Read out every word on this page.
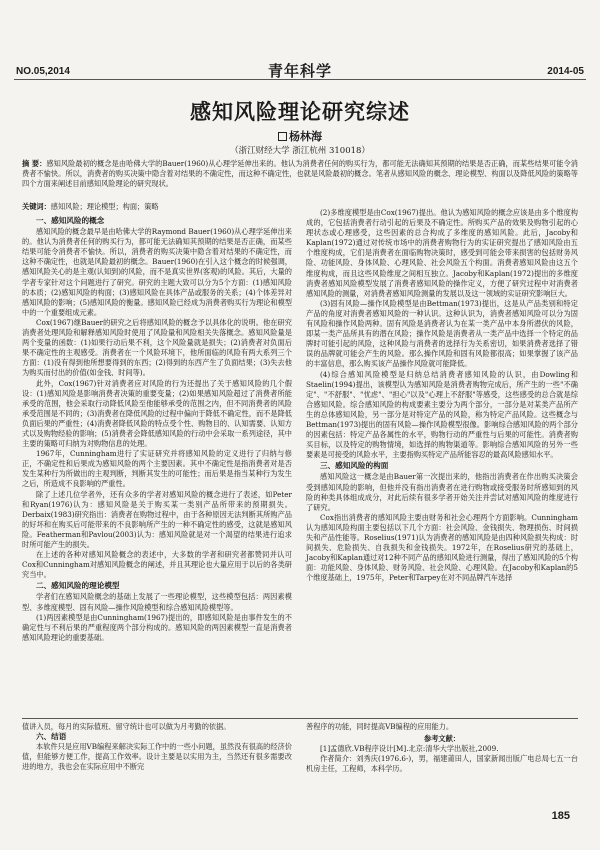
NO.05,2014	青年科学	2014-05
感知风险理论研究综述
杨林海
（浙江财经大学 浙江杭州 310018）
摘 要：感知风险最初的概念是由哈佛大学的Bauer(1960)从心理学延伸出来的。他认为消费者任何的购买行为，都可能无法确知其预期的结果是否正确，而某些结果可能令消费者不愉快。所以，消费者的购买决策中隐含着对结果的不确定性，而这种不确定性，也就是风险最初的概念。笔者从感知风险的概念、理论模型、构面以及降低风险的策略等四个方面来阐述目前感知风险理论的研究现状。
关键词：感知风险；理论模型；构面；策略
一、感知风险的概念

感知风险的概念最早是由哈佛大学的Raymond Bauer(1960)从心理学延伸出来的。他认为消费者任何的购买行为，都可能无法确知其预期的结果是否正确，而某些结果可能令消费者不愉快。所以，消费者的购买决策中隐含着对结果的不确定性，而这种不确定性，也就是风险最初的概念。Bauer(1960)在引入这个概念的时候强调，感知风险关心的是主观(认知到)的风险，而不是真实世界(客观)的风险。其后，大量的学者专家针对这个问题进行了研究。研究的主题大致可以分为5个方面：(1)感知风险的本质；(2)感知风险的构面；(3)感知风险在具体产品或服务的关系；(4)个体差异对感知风险的影响；(5)感知风险的衡量。感知风险已经成为消费者购买行为理论和模型中的一个重要组成元素。

Cox(1967)继Bauer的研究之后将感知风险的概念予以具体化的说明。他在研究消费者处理风险和解释感知风险时使用了风险量和风险相关失落概念。感知风险量是两个变量的函数：(1)如果行动后果不利，这个风险量就是损失；(2)消费者对负面后果不确定性的主观感受。消费者在一个风险环境下，他所面临的风险有两大系列三个方面：(1)没有得到他所想要得到的东西；(2)得到的东西产生了负面结果；(3)失去他为购买而付出的价值(如金钱、时间等)。

此外，Cox(1967)针对消费者应对风险的行为还提出了关于感知风险的几个假设：(1)感知风险是影响消费者决策的重要变量；(2)如果感知风险超过了消费者所能承受的范围，他会采取行动降低风险至他能够承受的范围之内，但不同消费者的风险承受范围是不同的；(3)消费者在降低风险的过程中偏向于降低不确定性，而不是降低负面后果的严重性；(4)消费者降低风险的特点受个性、购物目的、认知需要、认知方式以及购物经验的影响；(5)消费者会降低感知风险的行动中会采取一系列途径，其中主要的策略可归纳为对购物信息的处理。

1967年，Cunningham进行了实证研究并将感知风险的定义进行了归纳与修正，不确定性和后果成为感知风险的两个主要因素。其中不确定性是指消费者对是否发生某种行为所做出的主观判断，判断其发生的可能性；而后果是指当某种行为发生之后，所造成不良影响的严重性。

除了上述几位学者外，还有众多的学者对感知风险的概念进行了表述，如Peter和Ryan(1976)认为：感知风险是关于购买某一类别产品所带来的预期损失。Derbaix(1983)研究指出：消费者在购物过程中，由于各种原因无法判断其所购产品的好坏和在购买后可能带来的不良影响所产生的一种不确定性的感受，这就是感知风险。Featherman和Pavlou(2003)认为：感知风险就是对一个渴望的结果进行追求时所可能产生的损失。

在上述的各种对感知风险概念的表述中，大多数的学者和研究者都赞同并认可Cox和Cunningham对感知风险概念的阐述，并且其理论也大量应用于以后的各类研究当中。

二、感知风险的理论模型

学者们在感知风险概念的基础上发展了一些理论模型，这些模型包括：两因素模型、多维度模型、固有风险—操作风险模型和综合感知风险模型等。

(1)两因素模型是由Cunningham(1967)提出的，即感知风险是由事件发生的不确定性与不利后果的严重程度两个部分构成的。感知风险的两因素模型一直是消费者感知风险理论的重要基础。

(2)多维度模型是由Cox(1967)提出。他认为感知风险的概念应该是由多个维度构成的，它包括消费者行动引起的后果及不确定性。所购买产品的效果及购物引起的心理状态或心理感受，这些因素的总合构成了多维度的感知风险。此后，Jacoby和Kaplan(1972)通过对传统市场中的消费者购物行为的实证研究提出了感知风险由五个维度构成，它们是消费者在面临购物决策时，感受到可能会带来损害的包括财务风险、功能风险、身体风险、心理风险、社会风险五个构面。消费者感知风险由这五个维度构成，而且这些风险维度之间相互独立。Jacoby和Kaplan(1972)提出的多维度消费者感知风险模型发展了消费者感知风险的操作定义，方便了研究过程中对消费者感知风险的测量，对消费者感知风险测量的发展以及这一领域的实证研究影响巨大。

(3)固有风险—操作风险模型是由Bettman(1973)提出，这是从产品类别和特定产品的角度对消费者感知风险的一种认识。这种认识为，消费者感知风险可以分为固有风险和操作风险两种。固有风险是消费者认为在某一类产品中本身所潜伏的风险，即某一类产品所具有的潜在风险；操作风险是消费者从一类产品中选择一个特定的品牌时可能引起的风险，这种风险与消费者的选择行为关系密切，如果消费者选择了错误的品牌就可能会产生的风险。那么操作风险和固有风险都很高；如果掌握了该产品的丰富信息，那么购买该产品操作风险就可能降低。

(4)综合感知风险模型是归纳总结消费者感知风险的认识，由Dowling和Staelin(1994)提出，该模型认为感知风险是消费者购物完成后，所产生的一些"不确定"、"不舒服"、"忧虑"、"担心"以及"心理上不舒服"等感受，这些感受的总合就是综合感知风险。综合感知风险的构成要素主要分为两个部分，一部分是对某类产品所产生的总体感知风险，另一部分是对特定产品的风险，称为特定产品风险。这些概念与Bettman(1973)提出的固有风险—操作风险模型很像。影响综合感知风险的两个部分的因素包括：特定产品各属性的水平，购物行动的严重性与后果的可能性。消费者购买目标，以及特定的购物情境，如选择的购物渠道等。影响综合感知风险的另外一些要素是可接受的风险水平，主要指购买特定产品所能容忍的最高风险感知水平。

三、感知风险的构面

感知风险这一概念是由Bauer第一次提出来的，他指出消费者在作出购买决策会受到感知风险的影响，但他并没有指出消费者在进行购物或接受服务时所感知到的风险的种类具体组成成分，对此后续有很多学者开始关注并尝试对感知风险的维度进行了研究。

Cox指出消费者的感知风险主要由财务和社会心理两个方面影响。Cunningham认为感知风险构面主要包括以下几个方面：社会风险、金钱损失、物理损伤、时间损失和产品性能等。Roselius(1971)认为消费者的感知风险是由四种风险损失构成：时间损失、危险损失、自我损失和金钱损失。1972年，在Roselius研究的基础上，Jacoby和Kaplan通过对12种不同产品的感知风险进行测量，得出了感知风险的5个构面：功能风险、身体风险、财务风险、社会风险、心理风险。在Jacoby和Kaplan的5个维度基础上，1975年，Peter和Tarpey在对不同品牌汽车选择

值讲入员，每月的实际值班、留守统计也可以做为月考勤的依据。

六、结语

本软件只是应用VB编程来解决实际工作中的一些小问题，虽然没有很高的经济价值，但能够方便工作，提高工作效率。设计主要是以实用为主，当然还有很多需要改进的地方，我也会在实际应用中不断完

善程序的功能，同时提高VB编程的应用能力。

参考文献：

[1]孟德欣.VB程序设计[M].北京:清华大学出版社,2009.

作者简介：刘秀庆(1976.6-)，男，福建莆田人，国家新闻出版广电总局七五一台机房主任，工程师，本科学历。

185
